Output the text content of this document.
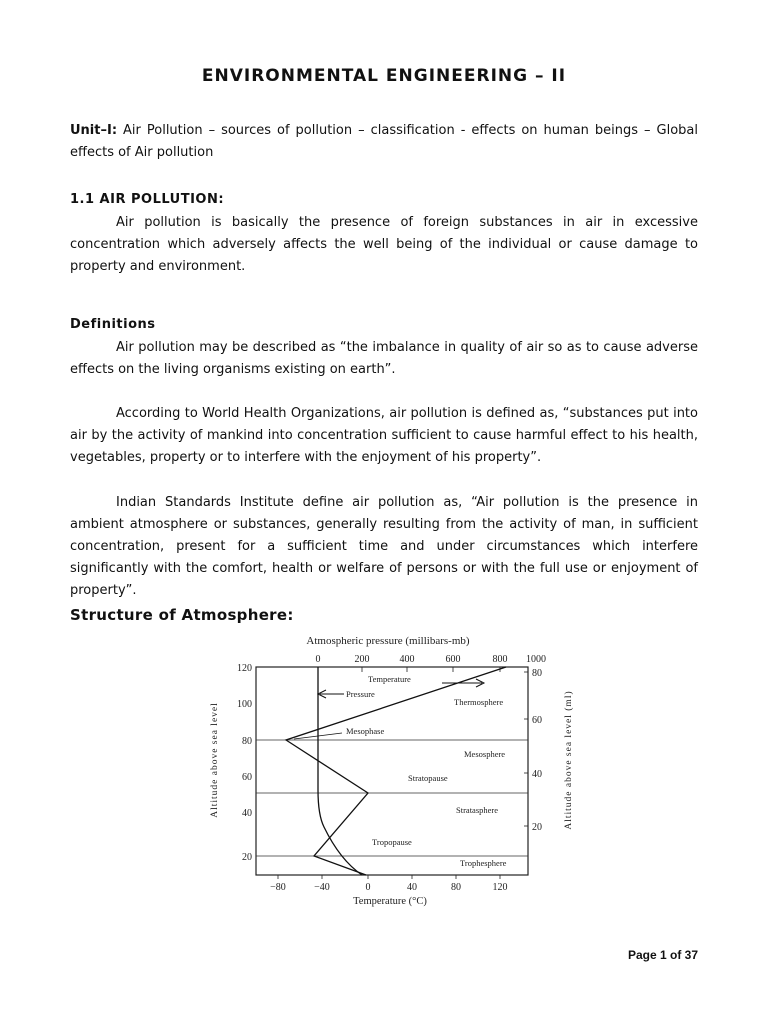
ENVIRONMENTAL ENGINEERING – II
Unit–I: Air Pollution – sources of pollution – classification - effects on human beings – Global effects of Air pollution
1.1 AIR POLLUTION:
Air pollution is basically the presence of foreign substances in air in excessive concentration which adversely affects the well being of the individual or cause damage to property and environment.
Definitions
Air pollution may be described as “the imbalance in quality of air so as to cause adverse effects on the living organisms existing on earth”.
According to World Health Organizations, air pollution is defined as, “substances put into air by the activity of mankind into concentration sufficient to cause harmful effect to his health, vegetables, property or to interfere with the enjoyment of his property”.
Indian Standards Institute define air pollution as, “Air pollution is the presence in ambient atmosphere or substances, generally resulting from the activity of man, in sufficient concentration, present for a sufficient time and under circumstances which interfere significantly with the comfort, health or welfare of persons or with the full use or enjoyment of property”.
Structure of Atmosphere:
Atmospheric pressure (millibars-mb)
0	200	400	600	800 1000
80
60
40
20
120
100
80
60
40
20
−80	−40	0	40	80	120
Temperature
Pressure
Mesophase
Tropopause
Thermosphere
Mesosphere
Stratopause
Stratasphere
Trophesphere
Altitude above sea level	Altitude above sea level (ml)
Temperature (°C)
Page 1 of 37
